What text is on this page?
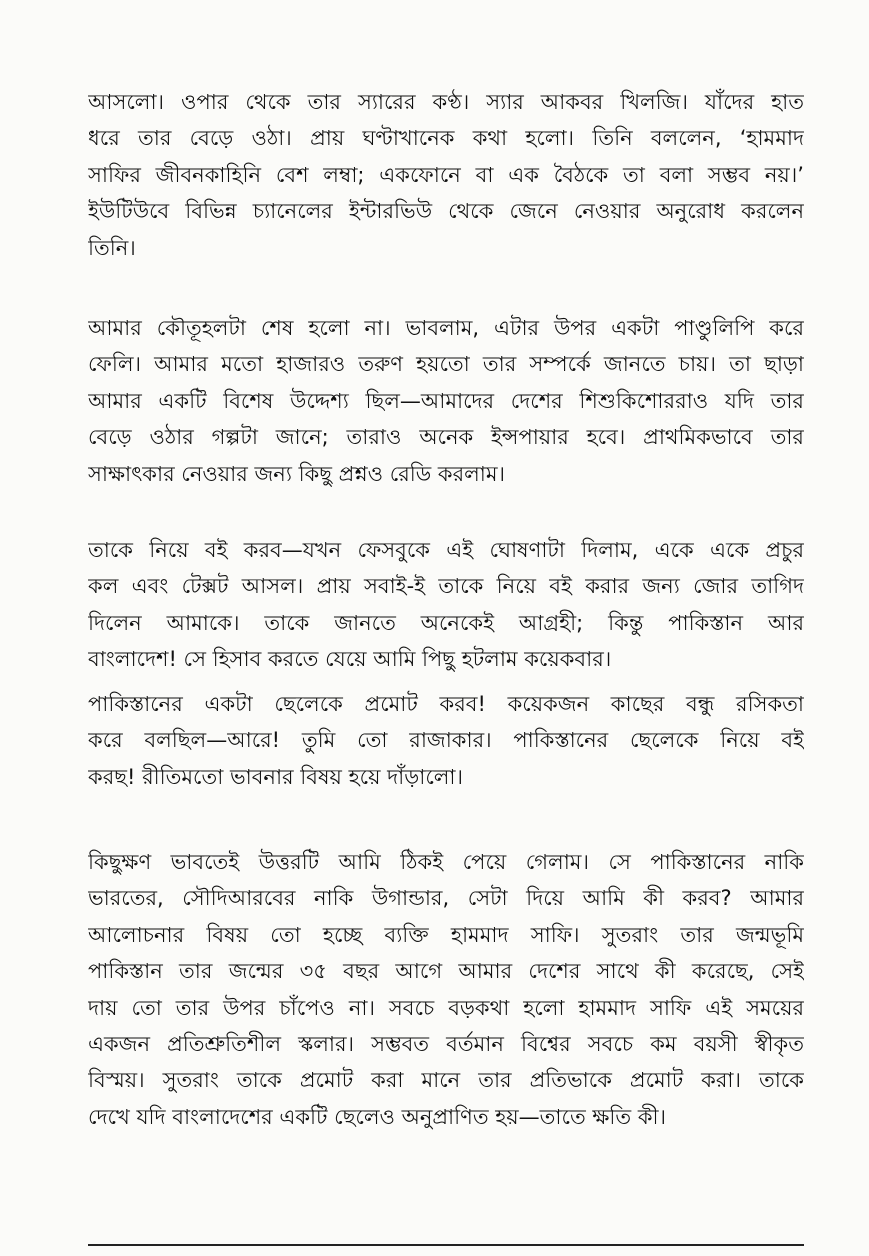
আসলো। ওপার থেকে তার স্যারের কণ্ঠ। স্যার আকবর খিলজি। যাঁদের হাত
ধরে তার বেড়ে ওঠা। প্রায় ঘণ্টাখানেক কথা হলো। তিনি বললেন, ‘হামমাদ
সাফির জীবনকাহিনি বেশ লম্বা; একফোনে বা এক বৈঠকে তা বলা সম্ভব নয়।’
ইউটিউবে বিভিন্ন চ্যানেলের ইন্টারভিউ থেকে জেনে নেওয়ার অনুরোধ করলেন
তিনি।

আমার কৌতূহলটা শেষ হলো না। ভাবলাম, এটার উপর একটা পাণ্ডুলিপি করে
ফেলি। আমার মতো হাজারও তরুণ হয়তো তার সম্পর্কে জানতে চায়। তা ছাড়া
আমার একটি বিশেষ উদ্দেশ্য ছিল—আমাদের দেশের শিশুকিশোররাও যদি তার
বেড়ে ওঠার গল্পটা জানে; তারাও অনেক ইন্সপায়ার হবে। প্রাথমিকভাবে তার
সাক্ষাৎকার নেওয়ার জন্য কিছু প্রশ্নও রেডি করলাম।

তাকে নিয়ে বই করব—যখন ফেসবুকে এই ঘোষণাটা দিলাম, একে একে প্রচুর
কল এবং টেক্সট আসল। প্রায় সবাই-ই তাকে নিয়ে বই করার জন্য জোর তাগিদ
দিলেন আমাকে। তাকে জানতে অনেকেই আগ্রহী; কিন্তু পাকিস্তান আর
বাংলাদেশ! সে হিসাব করতে যেয়ে আমি পিছু হটলাম কয়েকবার।

পাকিস্তানের একটা ছেলেকে প্রমোট করব! কয়েকজন কাছের বন্ধু রসিকতা
করে বলছিল—আরে! তুমি তো রাজাকার। পাকিস্তানের ছেলেকে নিয়ে বই
করছ! রীতিমতো ভাবনার বিষয় হয়ে দাঁড়ালো।

কিছুক্ষণ ভাবতেই উত্তরটি আমি ঠিকই পেয়ে গেলাম। সে পাকিস্তানের নাকি
ভারতের, সৌদিআরবের নাকি উগান্ডার, সেটা দিয়ে আমি কী করব? আমার
আলোচনার বিষয় তো হচ্ছে ব্যক্তি হামমাদ সাফি। সুতরাং তার জন্মভূমি
পাকিস্তান তার জন্মের ৩৫ বছর আগে আমার দেশের সাথে কী করেছে, সেই
দায় তো তার উপর চাঁপেও না। সবচে বড়কথা হলো হামমাদ সাফি এই সময়ের
একজন প্রতিশ্রুতিশীল স্কলার। সম্ভবত বর্তমান বিশ্বের সবচে কম বয়সী স্বীকৃত
বিস্ময়। সুতরাং তাকে প্রমোট করা মানে তার প্রতিভাকে প্রমোট করা। তাকে
দেখে যদি বাংলাদেশের একটি ছেলেও অনুপ্রাণিত হয়—তাতে ক্ষতি কী।
